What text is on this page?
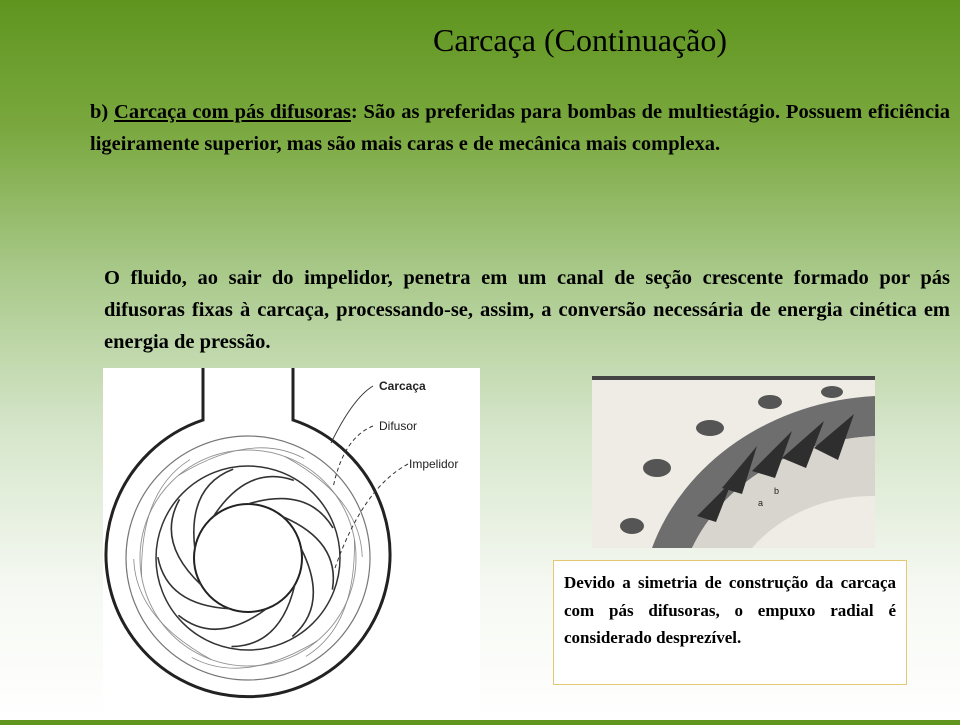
Carcaça (Continuação)
b) Carcaça com pás difusoras: São as preferidas para bombas de multiestágio. Possuem eficiência ligeiramente superior, mas são mais caras e de mecânica mais complexa.
O fluido, ao sair do impelidor, penetra em um canal de seção crescente formado por pás difusoras fixas à carcaça, processando-se, assim, a conversão necessária de energia cinética em energia de pressão.
Carcaça
Difusor
Impelidor
a
b
Devido a simetria de construção da carcaça com pás difusoras, o empuxo radial é considerado desprezível.
